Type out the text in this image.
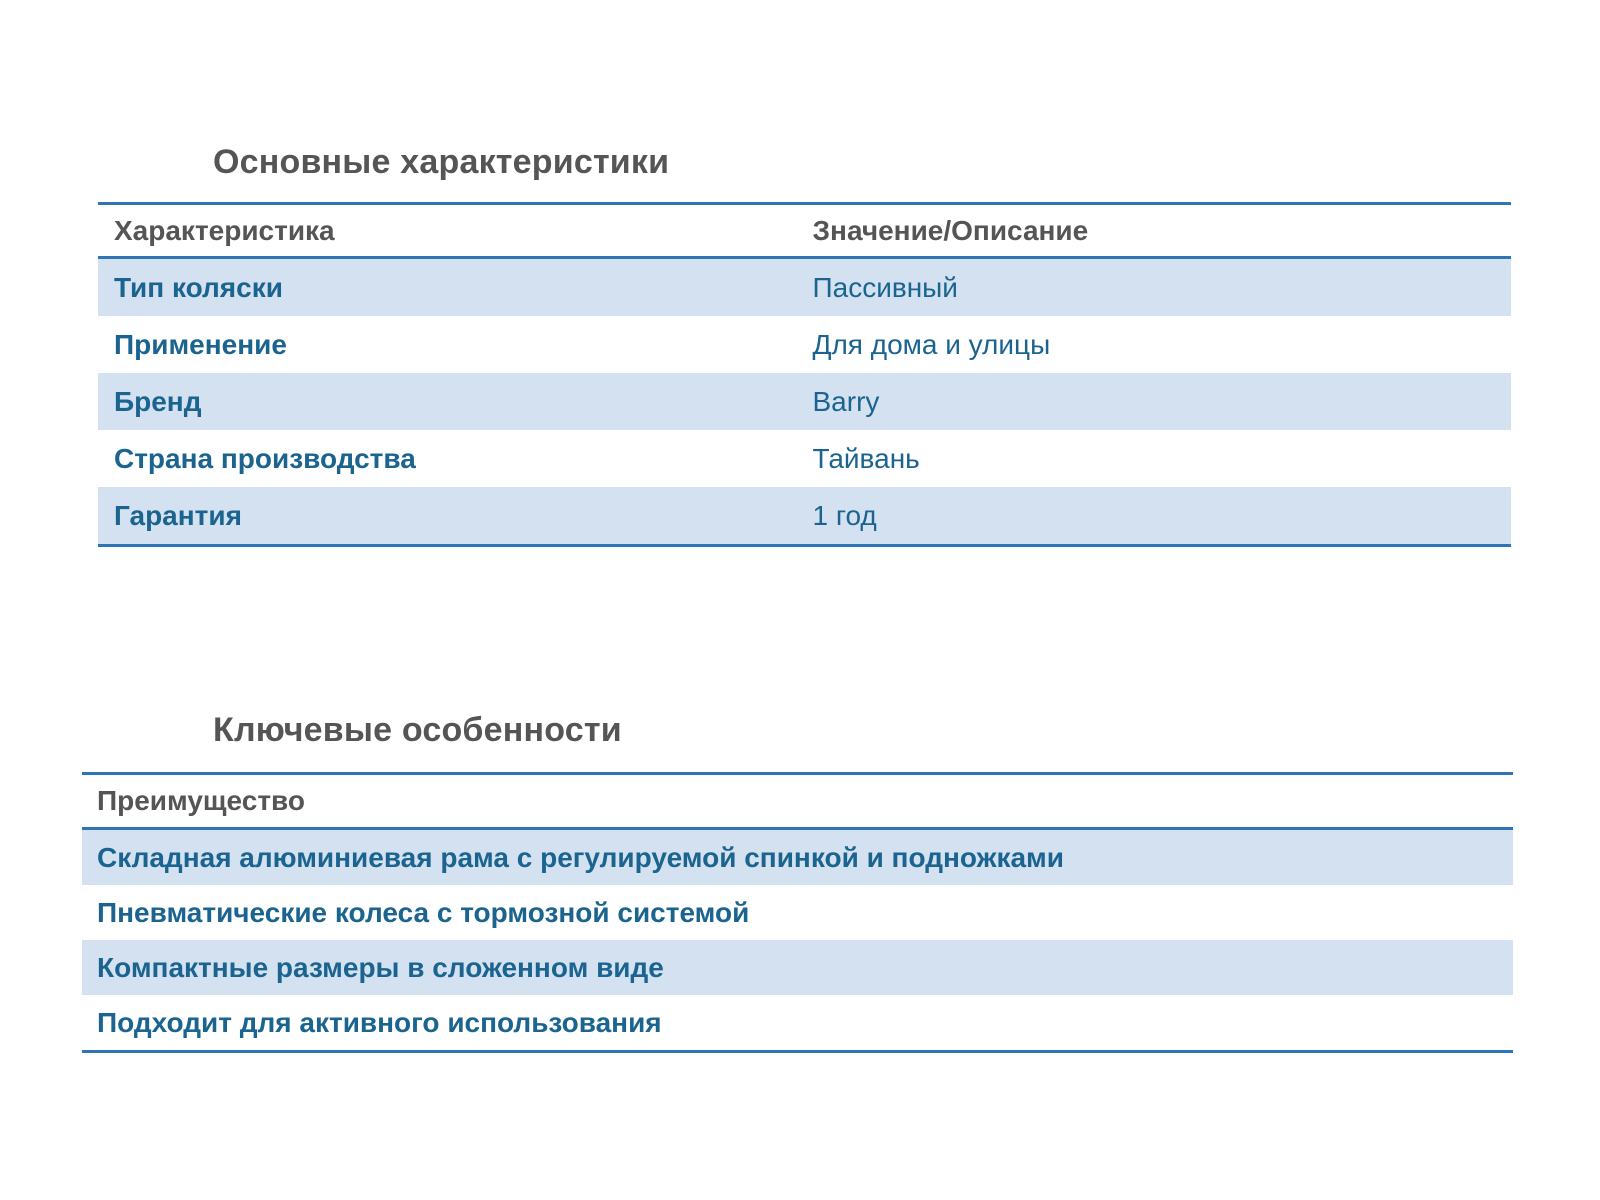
Основные характеристики
Характеристика	Значение/Описание
Тип коляски	Пассивный
Применение	Для дома и улицы
Бренд	Barry
Страна производства	Тайвань
Гарантия	1 год
Ключевые особенности
Преимущество
Складная алюминиевая рама с регулируемой спинкой и подножками
Пневматические колеса с тормозной системой
Компактные размеры в сложенном виде
Подходит для активного использования
